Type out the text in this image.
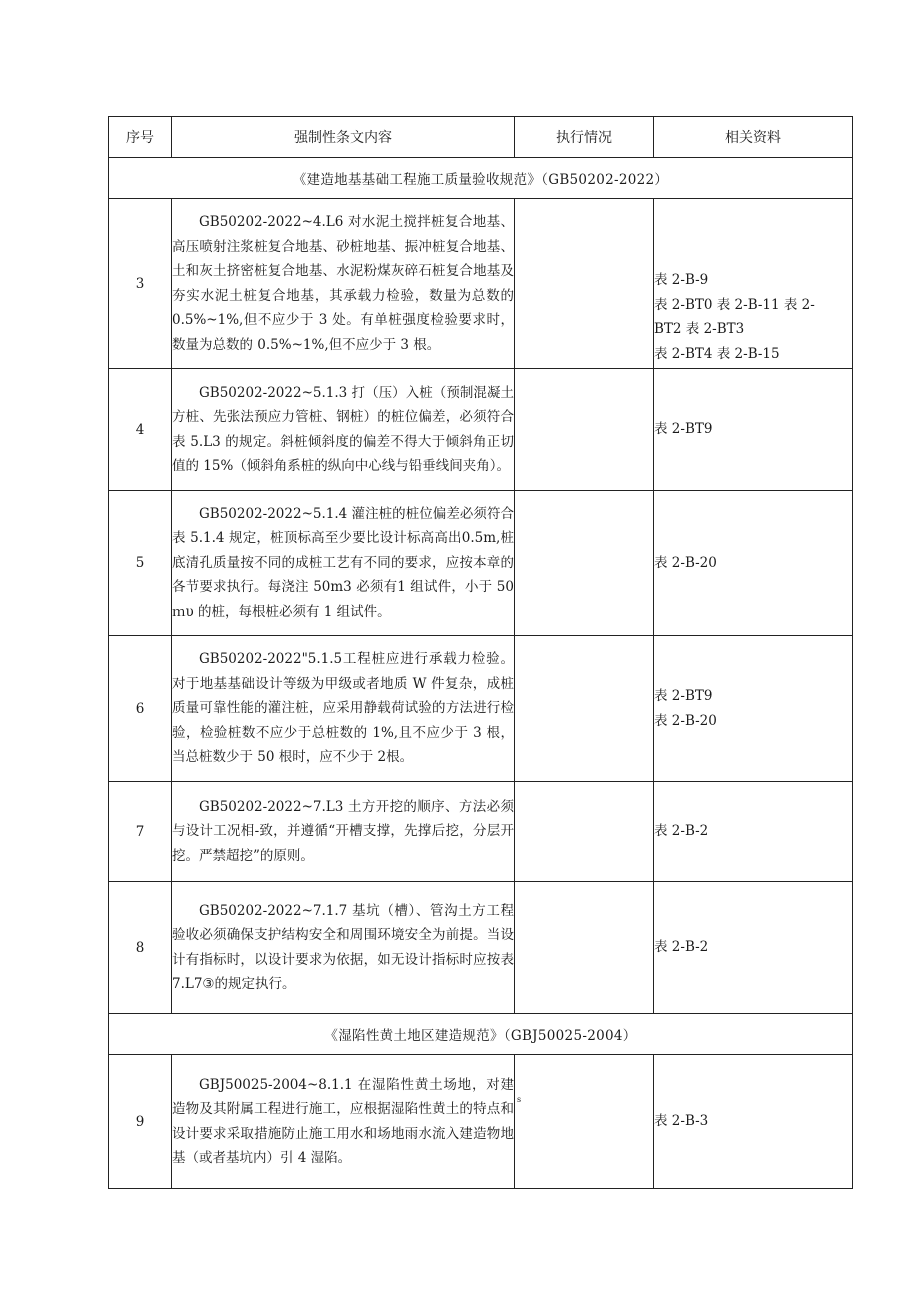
序号	强制性条文内容	执行情况	相关资料
《建造地基基础工程施工质量验收规范》（GB50202-2022）			
3	GB50202-2022~4.L6 对水泥土搅拌桩复合地基、高压喷射注浆桩复合地基、砂桩地基、振冲桩复合地基、土和灰土挤密桩复合地基、水泥粉煤灰碎石桩复合地基及夯实水泥土桩复合地基，其承载力检验，数量为总数的 0.5%~1%,但不应少于 3 处。有单桩强度检验要求时，数量为总数的 0.5%~1%,但不应少于 3 根。		表 2-B-9
表 2-BT0 表 2-B-11 表 2-
BT2 表 2-BT3
表 2-BT4 表 2-B-15

4	GB50202-2022~5.1.3 打（压）入桩（预制混凝土方桩、先张法预应力管桩、钢桩）的桩位偏差，必须符合表 5.L3 的规定。斜桩倾斜度的偏差不得大于倾斜角正切值的 15%（倾斜角系桩的纵向中心线与铅垂线间夹角）。		表 2-BT9

5	GB50202-2022~5.1.4 灌注桩的桩位偏差必须符合表 5.1.4 规定，桩顶标高至少要比设计标高高出0.5m,桩底清孔质量按不同的成桩工艺有不同的要求，应按本章的各节要求执行。每浇注 50m3 必须有1 组试件，小于 50ｍυ 的桩，每根桩必须有 1 组试件。		表 2-B-20

6	GB50202-2022"5.1.5工程桩应进行承载力检验。对于地基基础设计等级为甲级或者地质 W 件复杂，成桩质量可靠性能的灌注桩，应采用静载荷试验的方法进行检验，检验桩数不应少于总桩数的 1%,且不应少于 3 根，当总桩数少于 50 根时，应不少于 2根。		表 2-BT9
表 2-B-20

7	GB50202-2022~7.L3 土方开挖的顺序、方法必须与设计工况相-致，并遵循“开槽支撑，先撑后挖，分层开挖。严禁超挖”的原则。		表 2-B-2

8	GB50202-2022~7.1.7 基坑（槽）、管沟土方工程验收必须确保支护结构安全和周围环境安全为前提。当设计有指标时，以设计要求为依据，如无设计指标时应按表 7.L7③的规定执行。		表 2-B-2

《湿陷性黄土地区建造规范》（GBJ50025-2004）			
9	GBJ50025-2004~8.1.1 在湿陷性黄土场地，对建造物及其附属工程进行施工，应根据湿陷性黄土的特点和设计要求采取措施防止施工用水和场地雨水流入建造物地基（或者基坑内）引 4 湿陷。	$_s$	表 2-B-3
